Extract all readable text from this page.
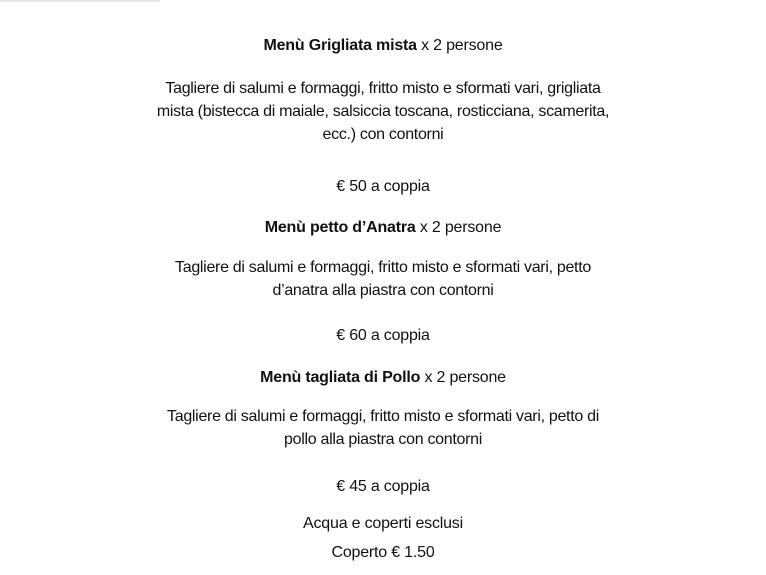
Menù Grigliata mista x 2 persone
Tagliere di salumi e formaggi, fritto misto e sformati vari, grigliata
mista (bistecca di maiale, salsiccia toscana, rosticciana, scamerita,
ecc.) con contorni
€ 50 a coppia
Menù petto d’Anatra x 2 persone
Tagliere di salumi e formaggi, fritto misto e sformati vari, petto
d’anatra alla piastra con contorni
€ 60 a coppia
Menù tagliata di Pollo x 2 persone
Tagliere di salumi e formaggi, fritto misto e sformati vari, petto di
pollo alla piastra con contorni
€ 45 a coppia
Acqua e coperti esclusi
Coperto € 1.50
